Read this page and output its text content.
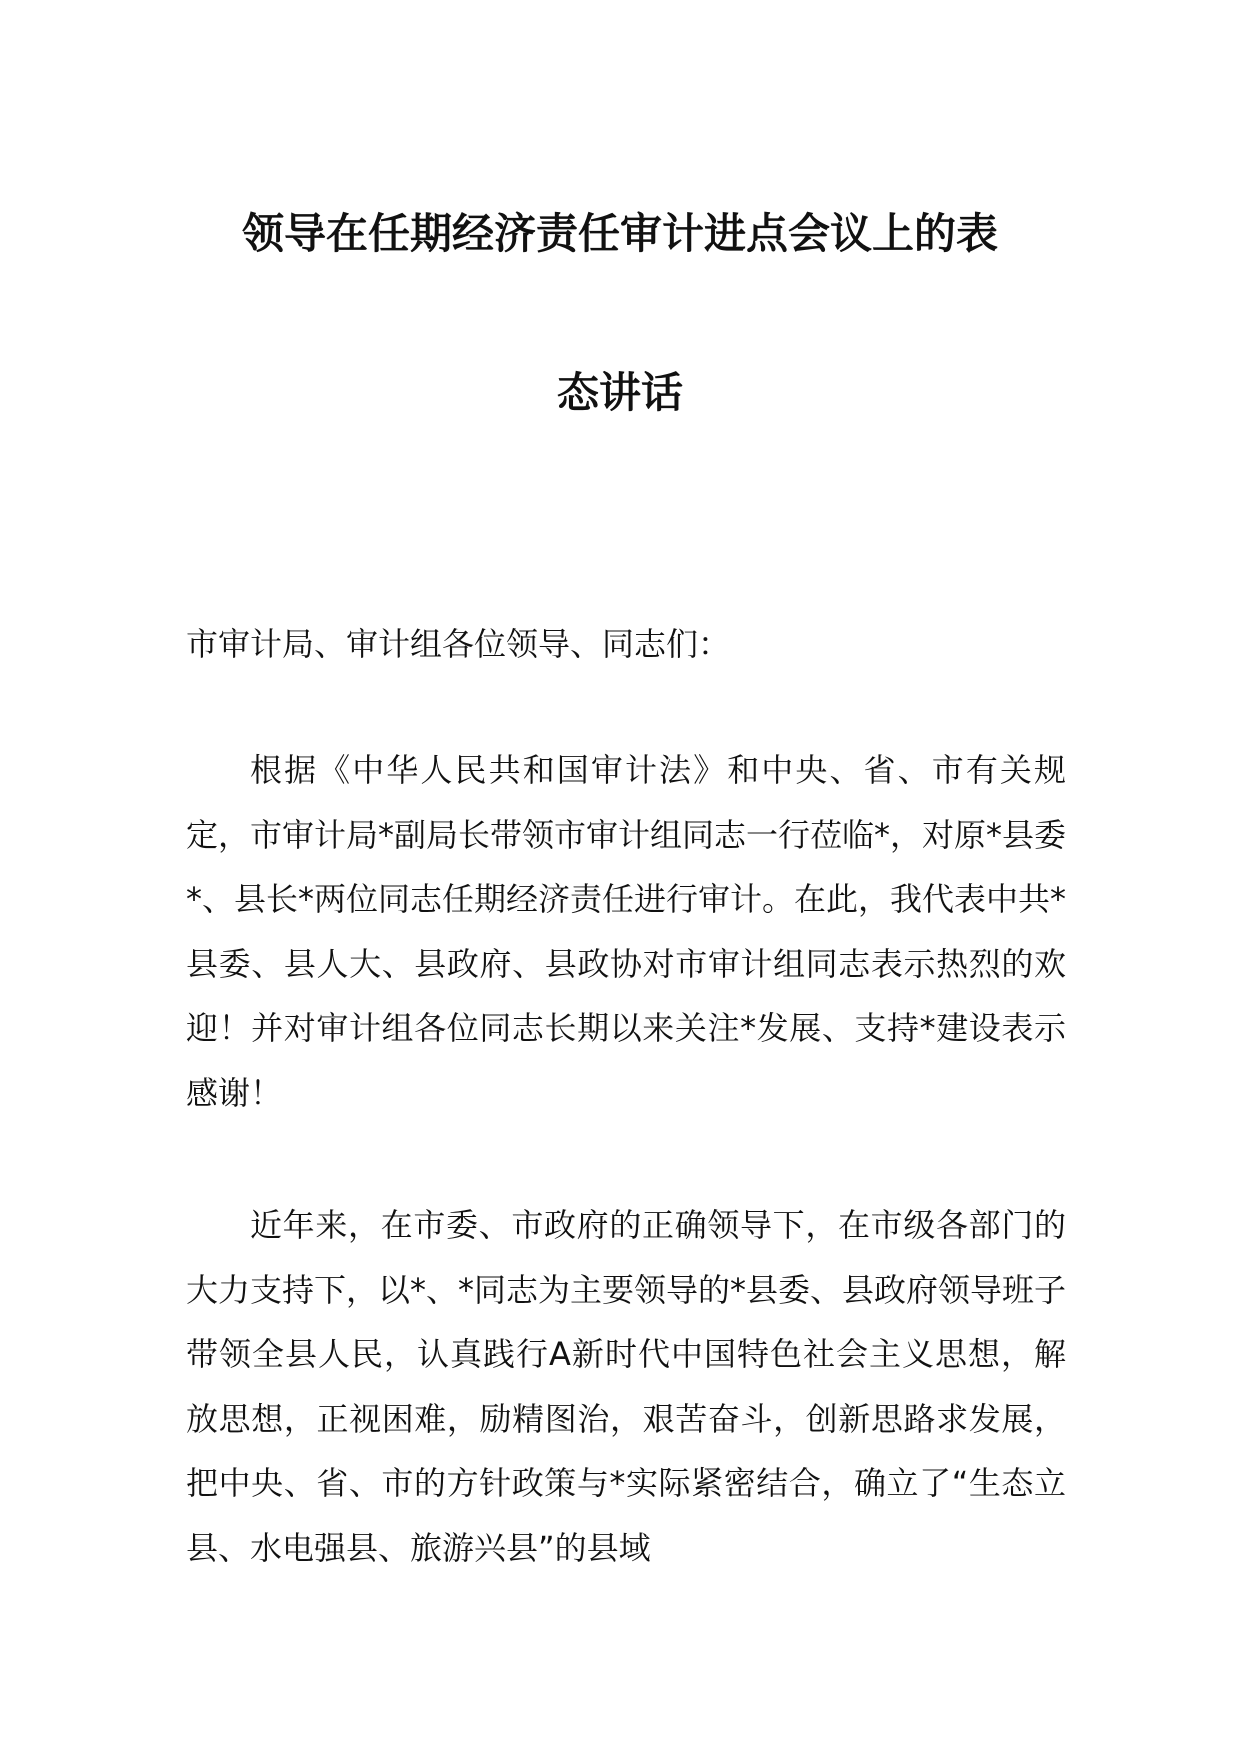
领导在任期经济责任审计进点会议上的表
态讲话
市审计局、审计组各位领导、同志们：
根据《中华人民共和国审计法》和中央、省、市有关规定，市审计局*副局长带领市审计组同志一行莅临*，对原*县委*、县长*两位同志任期经济责任进行审计。在此，我代表中共*县委、县人大、县政府、县政协对市审计组同志表示热烈的欢迎！并对审计组各位同志长期以来关注*发展、支持*建设表示感谢！
近年来，在市委、市政府的正确领导下，在市级各部门的大力支持下，以*、*同志为主要领导的*县委、县政府领导班子带领全县人民，认真践行A新时代中国特色社会主义思想，解放思想，正视困难，励精图治，艰苦奋斗，创新思路求发展，把中央、省、市的方针政策与*实际紧密结合，确立了“生态立县、水电强县、旅游兴县”的县域
